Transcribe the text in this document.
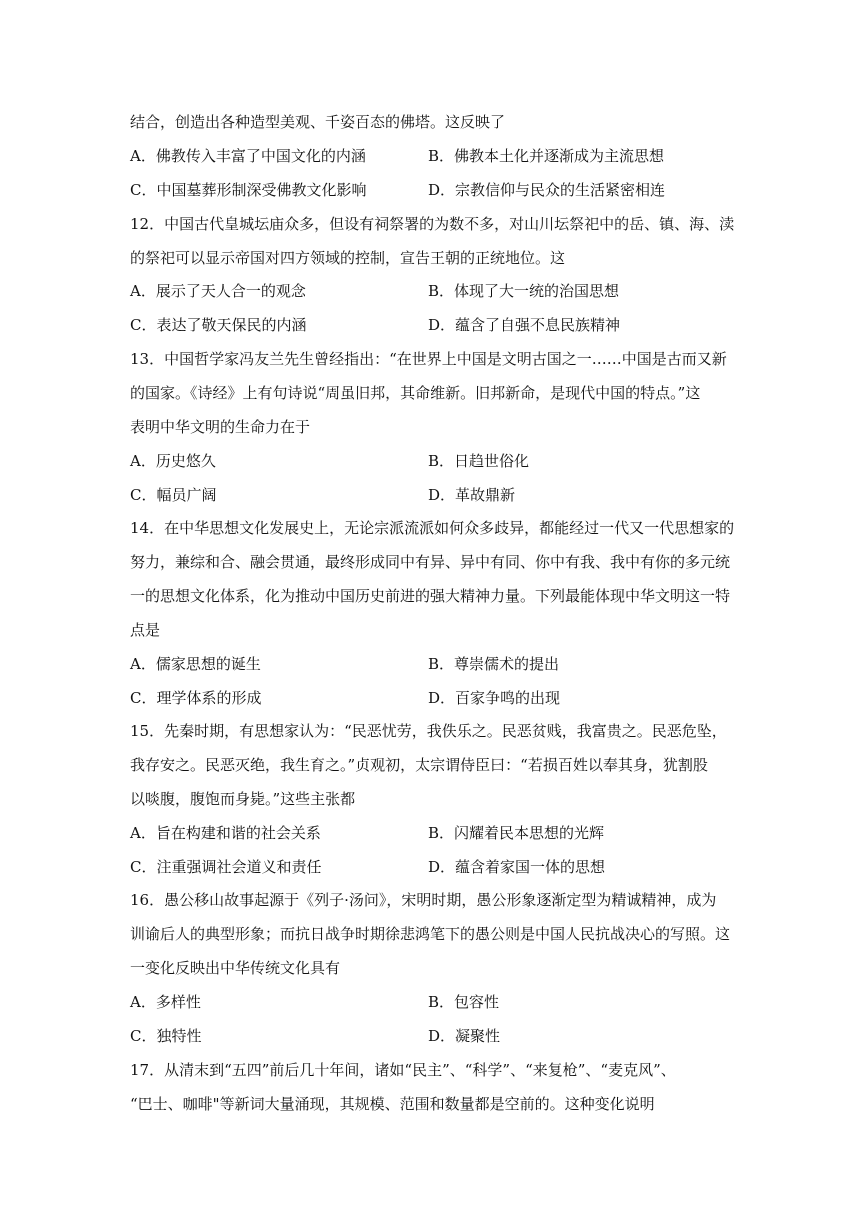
结合，创造出各种造型美观、千姿百态的佛塔。这反映了
A．佛教传入丰富了中国文化的内涵	B．佛教本土化并逐渐成为主流思想
C．中国墓葬形制深受佛教文化影响	D．宗教信仰与民众的生活紧密相连
12．中国古代皇城坛庙众多，但设有祠祭署的为数不多，对山川坛祭祀中的岳、镇、海、渎
的祭祀可以显示帝国对四方领域的控制，宣告王朝的正统地位。这
A．展示了天人合一的观念	B．体现了大一统的治国思想
C．表达了敬天保民的内涵	D．蕴含了自强不息民族精神
13．中国哲学家冯友兰先生曾经指出：“在世界上中国是文明古国之一……中国是古而又新
的国家。《诗经》上有句诗说“周虽旧邦，其命维新。旧邦新命，是现代中国的特点。”这
表明中华文明的生命力在于
A．历史悠久	B．日趋世俗化
C．幅员广阔	D．革故鼎新
14．在中华思想文化发展史上，无论宗派流派如何众多歧异，都能经过一代又一代思想家的
努力，兼综和合、融会贯通，最终形成同中有异、异中有同、你中有我、我中有你的多元统
一的思想文化体系，化为推动中国历史前进的强大精神力量。下列最能体现中华文明这一特
点是
A．儒家思想的诞生	B．尊崇儒术的提出
C．理学体系的形成	D．百家争鸣的出现
15．先秦时期，有思想家认为：“民恶忧劳，我佚乐之。民恶贫贱，我富贵之。民恶危坠，
我存安之。民恶灭绝，我生育之。”贞观初，太宗谓侍臣曰：“若损百姓以奉其身，犹割股
以啖腹，腹饱而身毙。”这些主张都
A．旨在构建和谐的社会关系	B．闪耀着民本思想的光辉
C．注重强调社会道义和责任	D．蕴含着家国一体的思想
16．愚公移山故事起源于《列子·汤问》，宋明时期，愚公形象逐渐定型为精诚精神，成为
训谕后人的典型形象；而抗日战争时期徐悲鸿笔下的愚公则是中国人民抗战决心的写照。这
一变化反映出中华传统文化具有
A．多样性	B．包容性
C．独特性	D．凝聚性
17．从清末到“五四”前后几十年间，诸如“民主”、“科学”、“来复枪”、“麦克风”、
“巴士、咖啡"等新词大量涌现，其规模、范围和数量都是空前的。这种变化说明
